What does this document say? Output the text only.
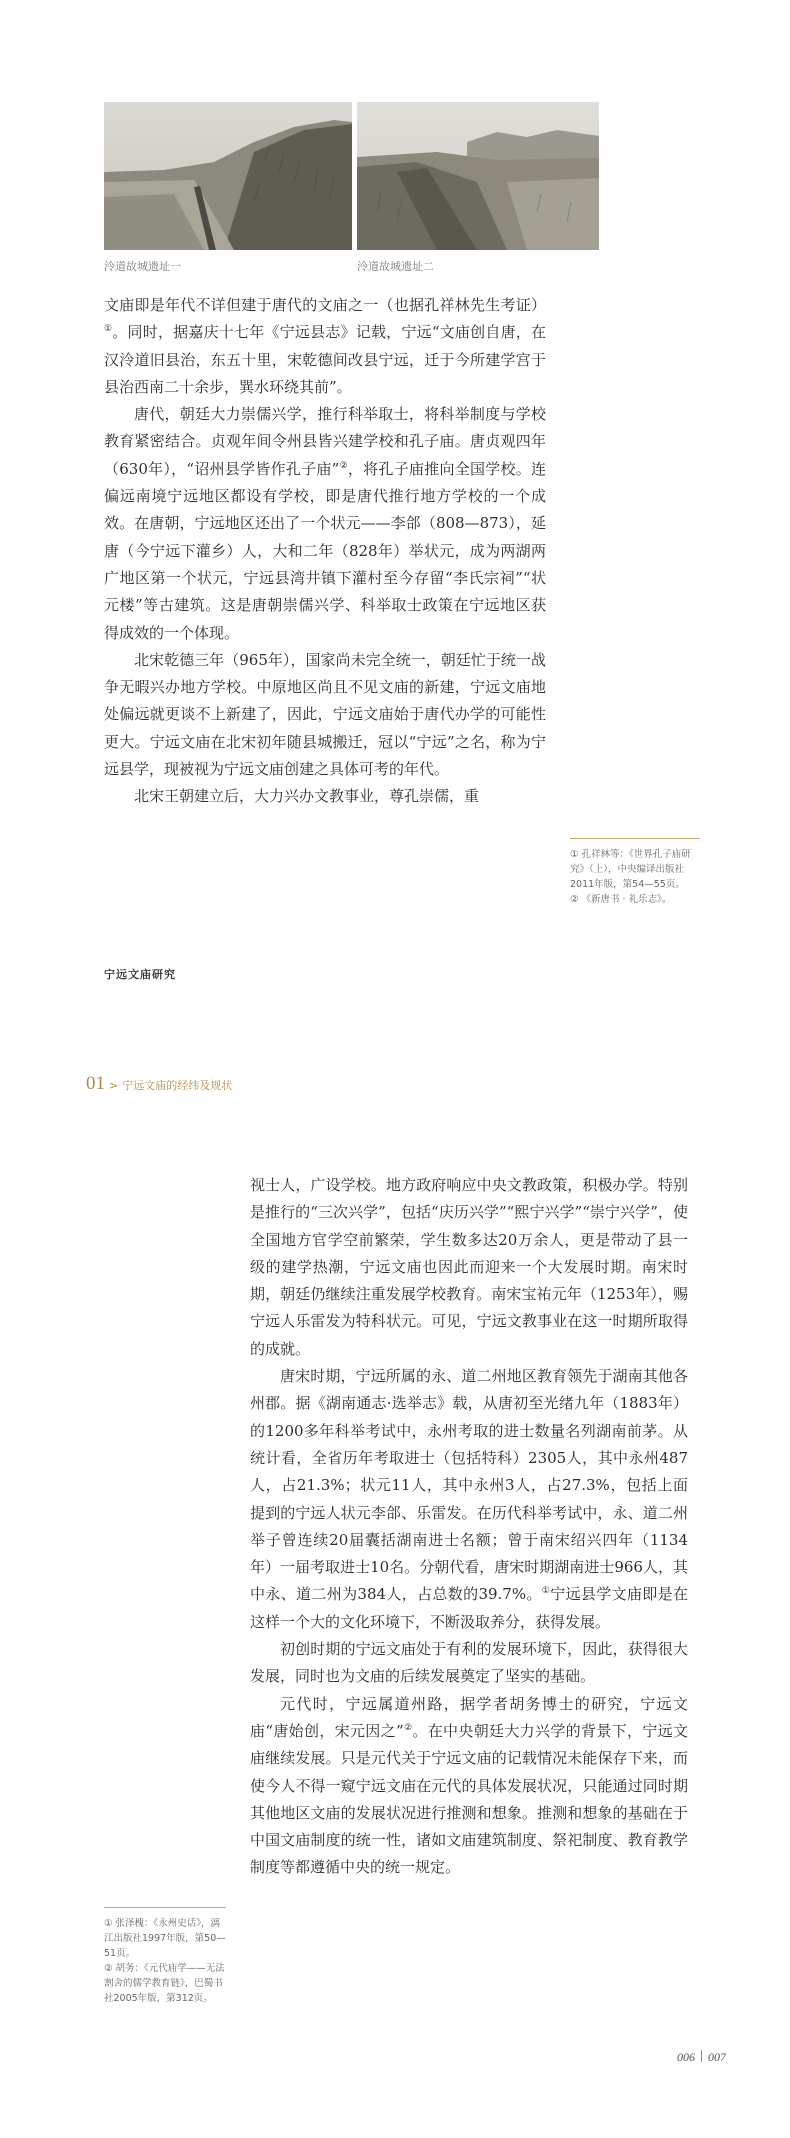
泠道故城遗址一	泠道故城遗址二

文庙即是年代不详但建于唐代的文庙之一（也据孔祥林先生考证）①。同时，据嘉庆十七年《宁远县志》记载，宁远“文庙创自唐，在汉泠道旧县治，东五十里，宋乾德间改县宁远，迁于今所建学宫于县治西南二十余步，巽水环绕其前”。

唐代，朝廷大力崇儒兴学，推行科举取士，将科举制度与学校教育紧密结合。贞观年间令州县皆兴建学校和孔子庙。唐贞观四年（630年），“诏州县学皆作孔子庙”②，将孔子庙推向全国学校。连偏远南境宁远地区都设有学校，即是唐代推行地方学校的一个成效。在唐朝，宁远地区还出了一个状元——李郃（808—873），延唐（今宁远下灌乡）人，大和二年（828年）举状元，成为两湖两广地区第一个状元，宁远县湾井镇下灌村至今存留“李氏宗祠”“状元楼”等古建筑。这是唐朝崇儒兴学、科举取士政策在宁远地区获得成效的一个体现。

北宋乾德三年（965年），国家尚未完全统一，朝廷忙于统一战争无暇兴办地方学校。中原地区尚且不见文庙的新建，宁远文庙地处偏远就更谈不上新建了，因此，宁远文庙始于唐代办学的可能性更大。宁远文庙在北宋初年随县城搬迁，冠以“宁远”之名，称为宁远县学，现被视为宁远文庙创建之具体可考的年代。

北宋王朝建立后，大力兴办文教事业，尊孔崇儒，重

① 孔祥林等：《世界孔子庙研究》（上），中央编译出版社2011年版，第54—55页。

② 《新唐书 · 礼乐志》。

宁远文庙研究
01 > 宁远文庙的经纬及规状

视士人，广设学校。地方政府响应中央文教政策，积极办学。特别是推行的“三次兴学”，包括“庆历兴学”“熙宁兴学”“崇宁兴学”，使全国地方官学空前繁荣，学生数多达20万余人，更是带动了县一级的建学热潮，宁远文庙也因此而迎来一个大发展时期。南宋时期，朝廷仍继续注重发展学校教育。南宋宝祐元年（1253年），赐宁远人乐雷发为特科状元。可见，宁远文教事业在这一时期所取得的成就。

唐宋时期，宁远所属的永、道二州地区教育领先于湖南其他各州郡。据《湖南通志·选举志》载，从唐初至光绪九年（1883年）的1200多年科举考试中，永州考取的进士数量名列湖南前茅。从统计看，全省历年考取进士（包括特科）2305人，其中永州487人，占21.3%；状元11人，其中永州3人，占27.3%，包括上面提到的宁远人状元李郃、乐雷发。在历代科举考试中，永、道二州举子曾连续20届囊括湖南进士名额；曾于南宋绍兴四年（1134年）一届考取进士10名。分朝代看，唐宋时期湖南进士966人，其中永、道二州为384人，占总数的39.7%。①宁远县学文庙即是在这样一个大的文化环境下，不断汲取养分，获得发展。

初创时期的宁远文庙处于有利的发展环境下，因此，获得很大发展，同时也为文庙的后续发展奠定了坚实的基础。

元代时，宁远属道州路，据学者胡务博士的研究，宁远文庙“唐始创，宋元因之”②。在中央朝廷大力兴学的背景下，宁远文庙继续发展。只是元代关于宁远文庙的记载情况未能保存下来，而使今人不得一窥宁远文庙在元代的具体发展状况，只能通过同时期其他地区文庙的发展状况进行推测和想象。推测和想象的基础在于中国文庙制度的统一性，诸如文庙建筑制度、祭祀制度、教育教学制度等都遵循中央的统一规定。

① 张泽槐：《永州史话》，漓江出版社1997年版，第50—51页。

② 胡务：《元代庙学——无法割舍的儒学教育链》，巴蜀书社2005年版，第312页。

006 007
